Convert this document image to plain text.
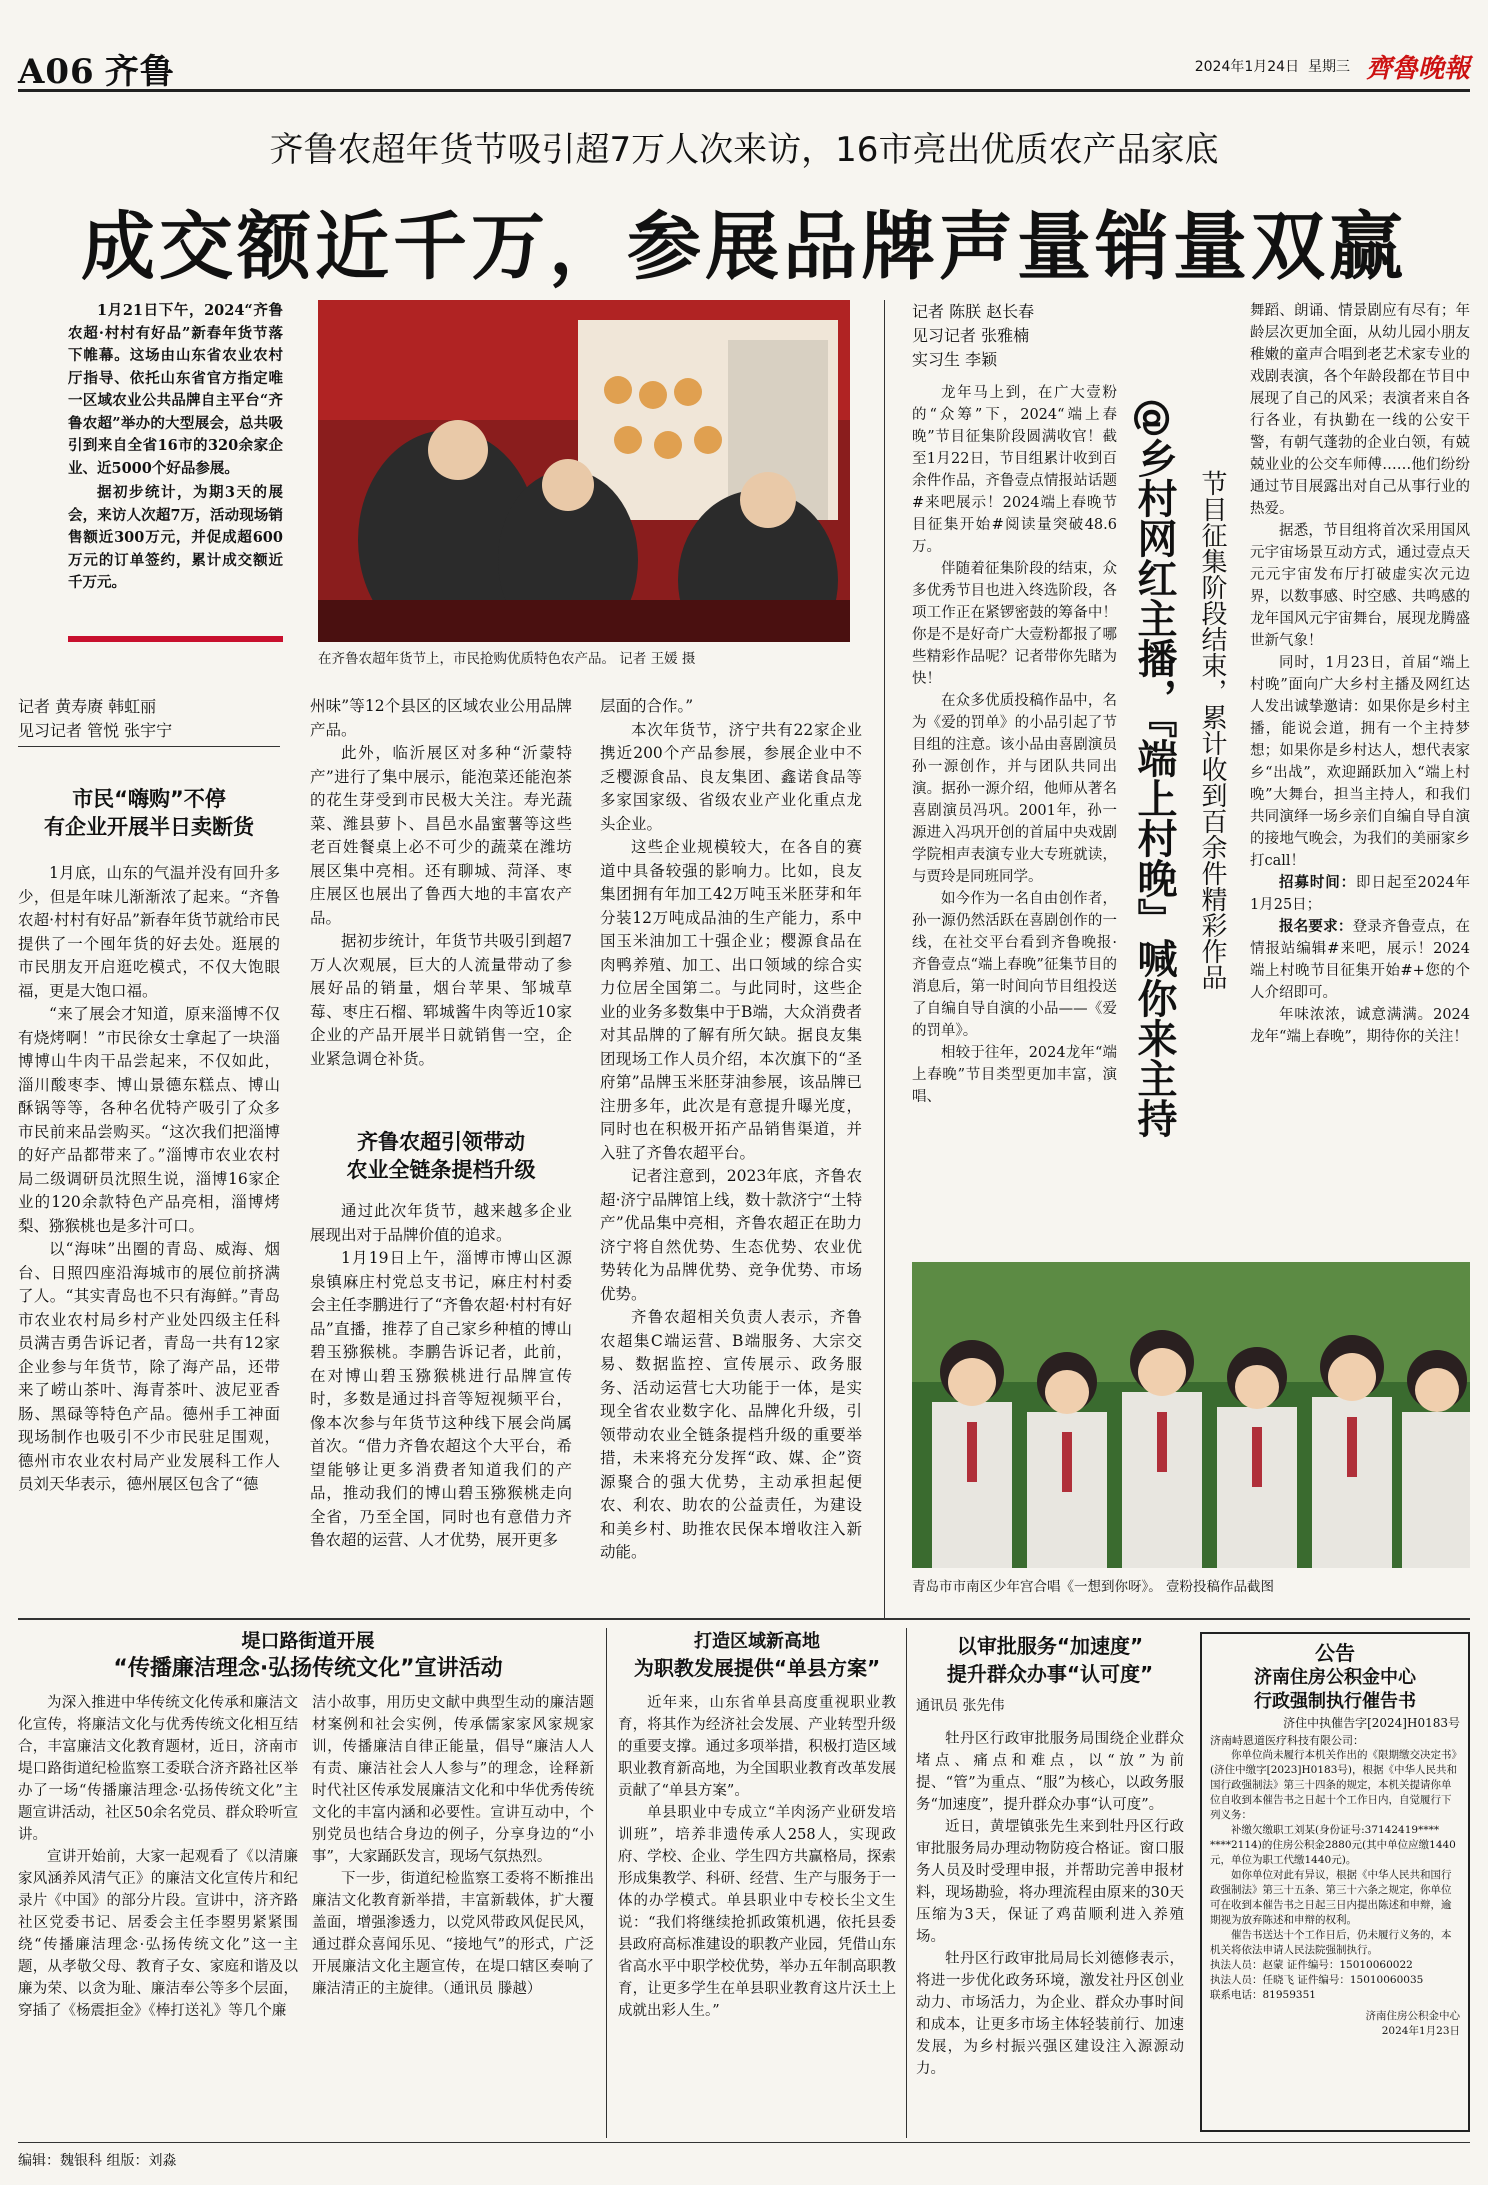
A06 齐鲁	2024年1月24日 星期三 齊魯晚報
齐鲁农超年货节吸引超7万人次来访，16市亮出优质农产品家底
成交额近千万，参展品牌声量销量双赢

1月21日下午，2024“齐鲁农超·村村有好品”新春年货节落下帷幕。这场由山东省农业农村厅指导、依托山东省官方指定唯一区域农业公共品牌自主平台“齐鲁农超”举办的大型展会，总共吸引到来自全省16市的320余家企业、近5000个好品参展。

据初步统计，为期3天的展会，来访人次超7万，活动现场销售额近300万元，并促成超600万元的订单签约，累计成交额近千万元。

在齐鲁农超年货节上，市民抢购优质特色农产品。 记者 王媛 摄
记者 黄寿赓 韩虹丽
见习记者 管悦 张宇宁
市民“嗨购”不停
有企业开展半日卖断货

1月底，山东的气温并没有回升多少，但是年味儿渐渐浓了起来。“齐鲁农超·村村有好品”新春年货节就给市民提供了一个囤年货的好去处。逛展的市民朋友开启逛吃模式，不仅大饱眼福，更是大饱口福。

“来了展会才知道，原来淄博不仅有烧烤啊！”市民徐女士拿起了一块淄博博山牛肉干品尝起来，不仅如此，淄川酸枣李、博山景德东糕点、博山酥锅等等，各种名优特产吸引了众多市民前来品尝购买。“这次我们把淄博的好产品都带来了。”淄博市农业农村局二级调研员沈照生说，淄博16家企业的120余款特色产品亮相，淄博烤梨、猕猴桃也是多汁可口。

以“海味”出圈的青岛、威海、烟台、日照四座沿海城市的展位前挤满了人。“其实青岛也不只有海鲜。”青岛市农业农村局乡村产业处四级主任科员满吉勇告诉记者，青岛一共有12家企业参与年货节，除了海产品，还带来了崂山茶叶、海青茶叶、波尼亚香肠、黑碌等特色产品。德州手工神面现场制作也吸引不少市民驻足围观，德州市农业农村局产业发展科工作人员刘天华表示，德州展区包含了“德

州味”等12个县区的区域农业公用品牌产品。

此外，临沂展区对多种“沂蒙特产”进行了集中展示，能泡菜还能泡茶的花生芽受到市民极大关注。寿光蔬菜、潍县萝卜、昌邑水晶蜜薯等这些老百姓餐桌上必不可少的蔬菜在潍坊展区集中亮相。还有聊城、菏泽、枣庄展区也展出了鲁西大地的丰富农产品。

据初步统计，年货节共吸引到超7万人次观展，巨大的人流量带动了参展好品的销量，烟台苹果、邹城草莓、枣庄石榴、郓城酱牛肉等近10家企业的产品开展半日就销售一空，企业紧急调仓补货。

齐鲁农超引领带动
农业全链条提档升级

通过此次年货节，越来越多企业展现出对于品牌价值的追求。

1月19日上午，淄博市博山区源泉镇麻庄村党总支书记，麻庄村村委会主任李鹏进行了“齐鲁农超·村村有好品”直播，推荐了自己家乡种植的博山碧玉猕猴桃。李鹏告诉记者，此前，在对博山碧玉猕猴桃进行品牌宣传时，多数是通过抖音等短视频平台，像本次参与年货节这种线下展会尚属首次。“借力齐鲁农超这个大平台，希望能够让更多消费者知道我们的产品，推动我们的博山碧玉猕猴桃走向全省，乃至全国，同时也有意借力齐鲁农超的运营、人才优势，展开更多

层面的合作。”

本次年货节，济宁共有22家企业携近200个产品参展，参展企业中不乏樱源食品、良友集团、鑫诺食品等多家国家级、省级农业产业化重点龙头企业。

这些企业规模较大，在各自的赛道中具备较强的影响力。比如，良友集团拥有年加工42万吨玉米胚芽和年分装12万吨成品油的生产能力，系中国玉米油加工十强企业；樱源食品在肉鸭养殖、加工、出口领域的综合实力位居全国第二。与此同时，这些企业的业务多数集中于B端，大众消费者对其品牌的了解有所欠缺。据良友集团现场工作人员介绍，本次旗下的“圣府第”品牌玉米胚芽油参展，该品牌已注册多年，此次是有意提升曝光度，同时也在积极开拓产品销售渠道，并入驻了齐鲁农超平台。

记者注意到，2023年底，齐鲁农超·济宁品牌馆上线，数十款济宁“土特产”优品集中亮相，齐鲁农超正在助力济宁将自然优势、生态优势、农业优势转化为品牌优势、竞争优势、市场优势。

齐鲁农超相关负责人表示，齐鲁农超集C端运营、B端服务、大宗交易、数据监控、宣传展示、政务服务、活动运营七大功能于一体，是实现全省农业数字化、品牌化升级，引领带动农业全链条提档升级的重要举措，未来将充分发挥“政、媒、企”资源聚合的强大优势，主动承担起便农、利农、助农的公益责任，为建设和美乡村、助推农民保本增收注入新动能。

记者 陈朕 赵长春
见习记者 张雅楠
实习生 李颖
@乡村网红主播，『端上村晚』喊你来主持 节目征集阶段结束，累计收到百余件精彩作品

龙年马上到，在广大壹粉的“众筹”下，2024“端上春晚”节目征集阶段圆满收官！截至1月22日，节目组累计收到百余件作品，齐鲁壹点情报站话题#来吧展示！2024端上春晚节目征集开始#阅读量突破48.6万。

伴随着征集阶段的结束，众多优秀节目也进入终选阶段，各项工作正在紧锣密鼓的筹备中！你是不是好奇广大壹粉都报了哪些精彩作品呢？记者带你先睹为快！

在众多优质投稿作品中，名为《爱的罚单》的小品引起了节目组的注意。该小品由喜剧演员孙一源创作，并与团队共同出演。据孙一源介绍，他师从著名喜剧演员冯巩。2001年，孙一源进入冯巩开创的首届中央戏剧学院相声表演专业大专班就读，与贾玲是同班同学。

如今作为一名自由创作者，孙一源仍然活跃在喜剧创作的一线，在社交平台看到齐鲁晚报·齐鲁壹点“端上春晚”征集节目的消息后，第一时间向节目组投送了自编自导自演的小品——《爱的罚单》。

相较于往年，2024龙年“端上春晚”节目类型更加丰富，演唱、

舞蹈、朗诵、情景剧应有尽有；年龄层次更加全面，从幼儿园小朋友稚嫩的童声合唱到老艺术家专业的戏剧表演，各个年龄段都在节目中展现了自己的风采；表演者来自各行各业，有执勤在一线的公安干警，有朝气蓬勃的企业白领，有兢兢业业的公交车师傅……他们纷纷通过节目展露出对自己从事行业的热爱。

据悉，节目组将首次采用国风元宇宙场景互动方式，通过壹点天元元宇宙发布厅打破虚实次元边界，以数事感、时空感、共鸣感的龙年国风元宇宙舞台，展现龙腾盛世新气象！

同时，1月23日，首届“端上村晚”面向广大乡村主播及网红达人发出诚挚邀请：如果你是乡村主播，能说会道，拥有一个主持梦想；如果你是乡村达人，想代表家乡“出战”，欢迎踊跃加入“端上村晚”大舞台，担当主持人，和我们共同演绎一场乡亲们自编自导自演的接地气晚会，为我们的美丽家乡打call！

招募时间：即日起至2024年1月25日；

报名要求：登录齐鲁壹点，在情报站编辑#来吧，展示！2024端上村晚节目征集开始#+您的个人介绍即可。

年味浓浓，诚意满满。2024龙年“端上春晚”，期待你的关注！

青岛市市南区少年宫合唱《一想到你呀》。 壹粉投稿作品截图
堤口路街道开展
“传播廉洁理念·弘扬传统文化”宣讲活动

为深入推进中华传统文化传承和廉洁文化宣传，将廉洁文化与优秀传统文化相互结合，丰富廉洁文化教育题材，近日，济南市堤口路街道纪检监察工委联合济齐路社区举办了一场“传播廉洁理念·弘扬传统文化”主题宣讲活动，社区50余名党员、群众聆听宣讲。

宣讲开始前，大家一起观看了《以清廉家风涵养风清气正》的廉洁文化宣传片和纪录片《中国》的部分片段。宣讲中，济齐路社区党委书记、居委会主任李曌男紧紧围绕“传播廉洁理念·弘扬传统文化”这一主题，从孝敬父母、教育子女、家庭和谐及以廉为荣、以贪为耻、廉洁奉公等多个层面，穿插了《杨震拒金》《棒打送礼》等几个廉

洁小故事，用历史文献中典型生动的廉洁题材案例和社会实例，传承儒家家风家规家训，传播廉洁自律正能量，倡导“廉洁人人有责、廉洁社会人人参与”的理念，诠释新时代社区传承发展廉洁文化和中华优秀传统文化的丰富内涵和必要性。宣讲互动中，个别党员也结合身边的例子，分享身边的“小事”，大家踊跃发言，现场气氛热烈。

下一步，街道纪检监察工委将不断推出廉洁文化教育新举措，丰富新载体，扩大覆盖面，增强渗透力，以党风带政风促民风，通过群众喜闻乐见、“接地气”的形式，广泛开展廉洁文化主题宣传，在堤口辖区奏响了廉洁清正的主旋律。（通讯员 滕越）

打造区域新高地
为职教发展提供“单县方案”

近年来，山东省单县高度重视职业教育，将其作为经济社会发展、产业转型升级的重要支撑。通过多项举措，积极打造区域职业教育新高地，为全国职业教育改革发展贡献了“单县方案”。

单县职业中专成立“羊肉汤产业研发培训班”，培养非遗传承人258人，实现政府、学校、企业、学生四方共赢格局，探索形成集教学、科研、经营、生产与服务于一体的办学模式。单县职业中专校长尘文生说：“我们将继续抢抓政策机遇，依托县委县政府高标准建设的职教产业园，凭借山东省高水平中职学校优势，举办五年制高职教育，让更多学生在单县职业教育这片沃土上成就出彩人生。”

以审批服务“加速度”
提升群众办事“认可度”
通讯员 张先伟

牡丹区行政审批服务局围绕企业群众堵点、痛点和难点，以“放”为前提、“管”为重点、“服”为核心，以政务服务“加速度”，提升群众办事“认可度”。

近日，黄堽镇张先生来到牡丹区行政审批服务局办理动物防疫合格证。窗口服务人员及时受理申报，并帮助完善申报材料，现场勘验，将办理流程由原来的30天压缩为3天，保证了鸡苗顺利进入养殖场。

牡丹区行政审批局局长刘德修表示，将进一步优化政务环境，激发社丹区创业动力、市场活力，为企业、群众办事时间和成本，让更多市场主体轻装前行、加速发展，为乡村振兴强区建设注入源源动力。

公告
济南住房公积金中心
行政强制执行催告书
济住中执催告字[2024]H0183号
济南峙恩道医疗科技有限公司：

你单位尚未履行本机关作出的《限期缴交决定书》(济住中缴字[2023]H0183号)，根据《中华人民共和国行政强制法》第三十四条的规定，本机关提请你单位自收到本催告书之日起十个工作日内，自觉履行下列义务：

补缴欠缴职工刘某(身份证号:37142419**** ****2114)的住房公积金2880元(其中单位应缴1440元，单位为职工代缴1440元)。

如你单位对此有异议，根据《中华人民共和国行政强制法》第三十五条、第三十六条之规定，你单位可在收到本催告书之日起三日内提出陈述和申辩，逾期视为放弃陈述和申辩的权利。

催告书送达十个工作日后，仍未履行义务的，本机关将依法申请人民法院强制执行。

执法人员：赵蒙 证件编号：15010060022
执法人员：任晓飞 证件编号：15010060035
联系电话：81959351
济南住房公积金中心
2024年1月23日
编辑：魏银科 组版：刘淼
